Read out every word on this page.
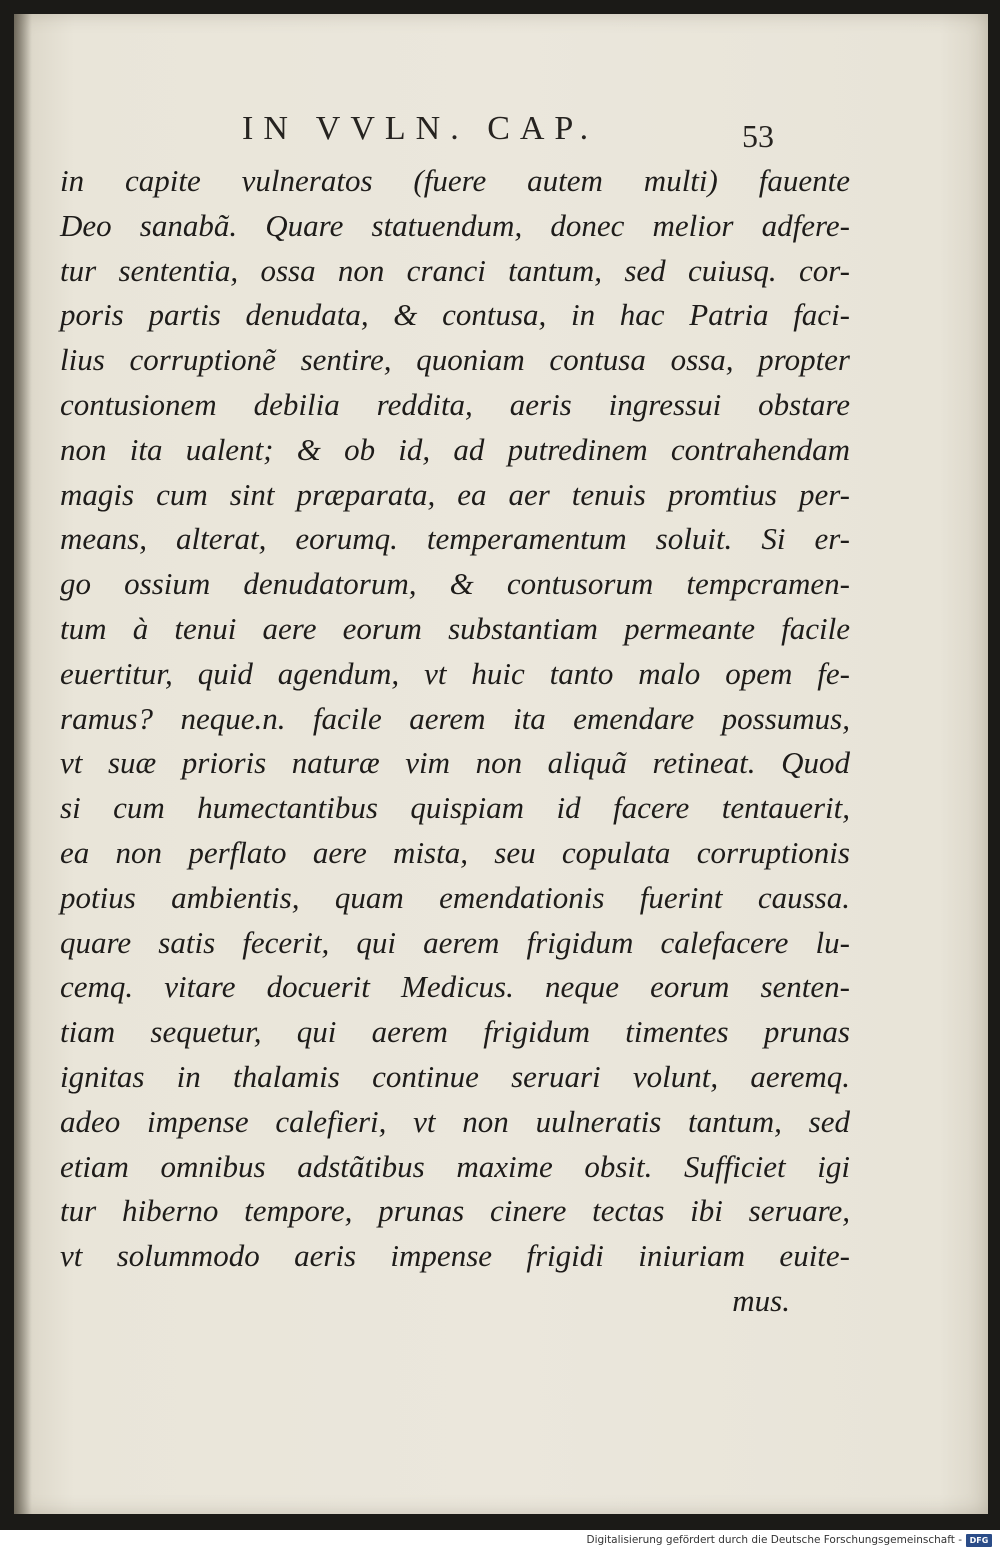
IN VVLN. CAP.	53
in capite vulneratos (fuere autem multi) fauente
Deo sanabã. Quare statuendum, donec melior adfere-
tur sententia, ossa non cranci tantum, sed cuiusq. cor-
poris partis denudata, & contusa, in hac Patria faci-
lius corruptionẽ sentire, quoniam contusa ossa, propter
contusionem debilia reddita, aeris ingressui obstare
non ita ualent; & ob id, ad putredinem contrahendam
magis cum sint præparata, ea aer tenuis promtius per-
means, alterat, eorumq. temperamentum soluit. Si er-
go ossium denudatorum, & contusorum tempcramen-
tum à tenui aere eorum substantiam permeante facile
euertitur, quid agendum, vt huic tanto malo opem fe-
ramus? neque.n. facile aerem ita emendare possumus,
vt suæ prioris naturæ vim non aliquã retineat. Quod
si cum humectantibus quispiam id facere tentauerit,
ea non perflato aere mista, seu copulata corruptionis
potius ambientis, quam emendationis fuerint caussa.
quare satis fecerit, qui aerem frigidum calefacere lu-
cemq. vitare docuerit Medicus. neque eorum senten-
tiam sequetur, qui aerem frigidum timentes prunas
ignitas in thalamis continue seruari volunt, aeremq.
adeo impense calefieri, vt non uulneratis tantum, sed
etiam omnibus adstãtibus maxime obsit. Sufficiet igi
tur hiberno tempore, prunas cinere tectas ibi seruare,
vt solummodo aeris impense frigidi iniuriam euite-
mus.
Digitalisierung gefördert durch die Deutsche Forschungsgemeinschaft - DFG
